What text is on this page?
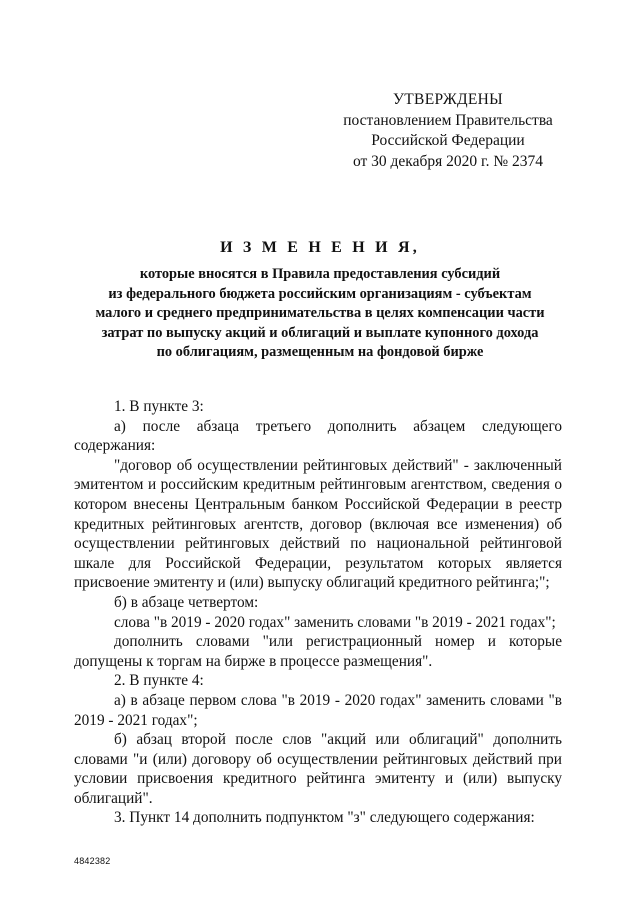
УТВЕРЖДЕНЫ
постановлением Правительства
Российской Федерации
от 30 декабря 2020 г. № 2374
И З М Е Н Е Н И Я,
которые вносятся в Правила предоставления субсидий
из федерального бюджета российским организациям - субъектам
малого и среднего предпринимательства в целях компенсации части
затрат по выпуску акций и облигаций и выплате купонного дохода
по облигациям, размещенным на фондовой бирже

1. В пункте 3:

а) после абзаца третьего дополнить абзацем следующего содержания:

"договор об осуществлении рейтинговых действий" - заключенный эмитентом и российским кредитным рейтинговым агентством, сведения о котором внесены Центральным банком Российской Федерации в реестр кредитных рейтинговых агентств, договор (включая все изменения) об осуществлении рейтинговых действий по национальной рейтинговой шкале для Российской Федерации, результатом которых является присвоение эмитенту и (или) выпуску облигаций кредитного рейтинга;";

б) в абзаце четвертом:

слова "в 2019 - 2020 годах" заменить словами "в 2019 - 2021 годах";

дополнить словами "или регистрационный номер и которые допущены к торгам на бирже в процессе размещения".

2. В пункте 4:

а) в абзаце первом слова "в 2019 - 2020 годах" заменить словами "в 2019 - 2021 годах";

б) абзац второй после слов "акций или облигаций" дополнить словами "и (или) договору об осуществлении рейтинговых действий при условии присвоения кредитного рейтинга эмитенту и (или) выпуску облигаций".

3. Пункт 14 дополнить подпунктом "з" следующего содержания:

4842382
